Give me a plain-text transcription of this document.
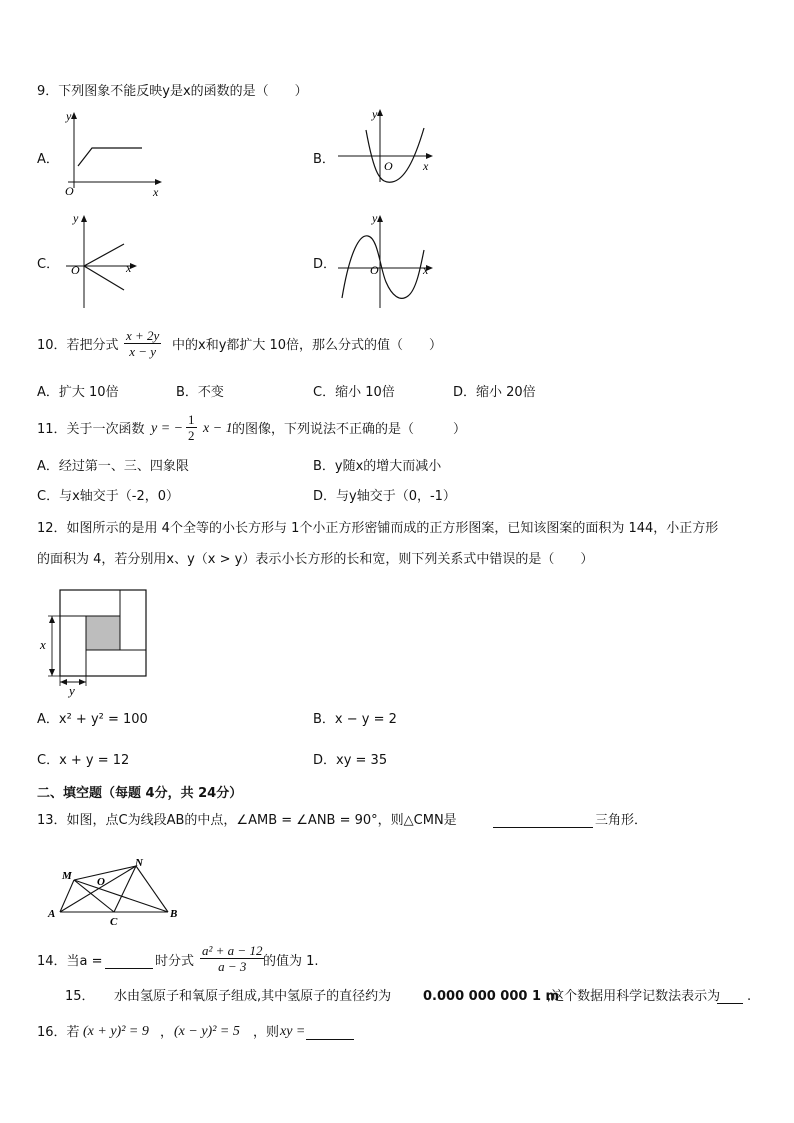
9．下列图象不能反映y是x的函数的是（　　）
A．
y
x
O
B．
y
x
O
C．
y
x
O	D．
y
x
O
10．若把分式 $\frac{x + 2y}{x - y}$ 中的x和y都扩大 10倍，那么分式的值（　　）
A．扩大 10倍	B．不变	C．缩小 10倍	D．缩小 20倍
11．关于一次函数 y = − $\frac{1}{2}$ x − 1 的图像，下列说法不正确的是（　　　）
A．经过第一、三、四象限	B．y随x的增大而减小
C．与x轴交于（-2，0）	D．与y轴交于（0，-1）
12．如图所示的是用 4个全等的小长方形与 1个小正方形密铺而成的正方形图案，已知该图案的面积为 144，小正方形
的面积为 4，若分别用x、y（x > y）表示小长方形的长和宽，则下列关系式中错误的是（　　）
x
y
A．x² + y² = 100	B．x − y = 2
C．x + y = 12	D．xy = 35
二、填空题（每题 4分，共 24分）
13．如图，点C为线段AB的中点，∠AMB = ∠ANB = 90°，则△CMN是	三角形．
M
N
O
A	B
C
14．当a =	时分式 $\frac{\text{a² + a − 12}}{a - 3}$
的值为 1.
15．　　水由氢原子和氧原子组成,其中氢原子的直径约为 0.000 000 000 1 m
,这个数据用科学记数法表示为 .
16．若 (x + y)² = 9 ， (x − y)² = 5 ，则 xy =
